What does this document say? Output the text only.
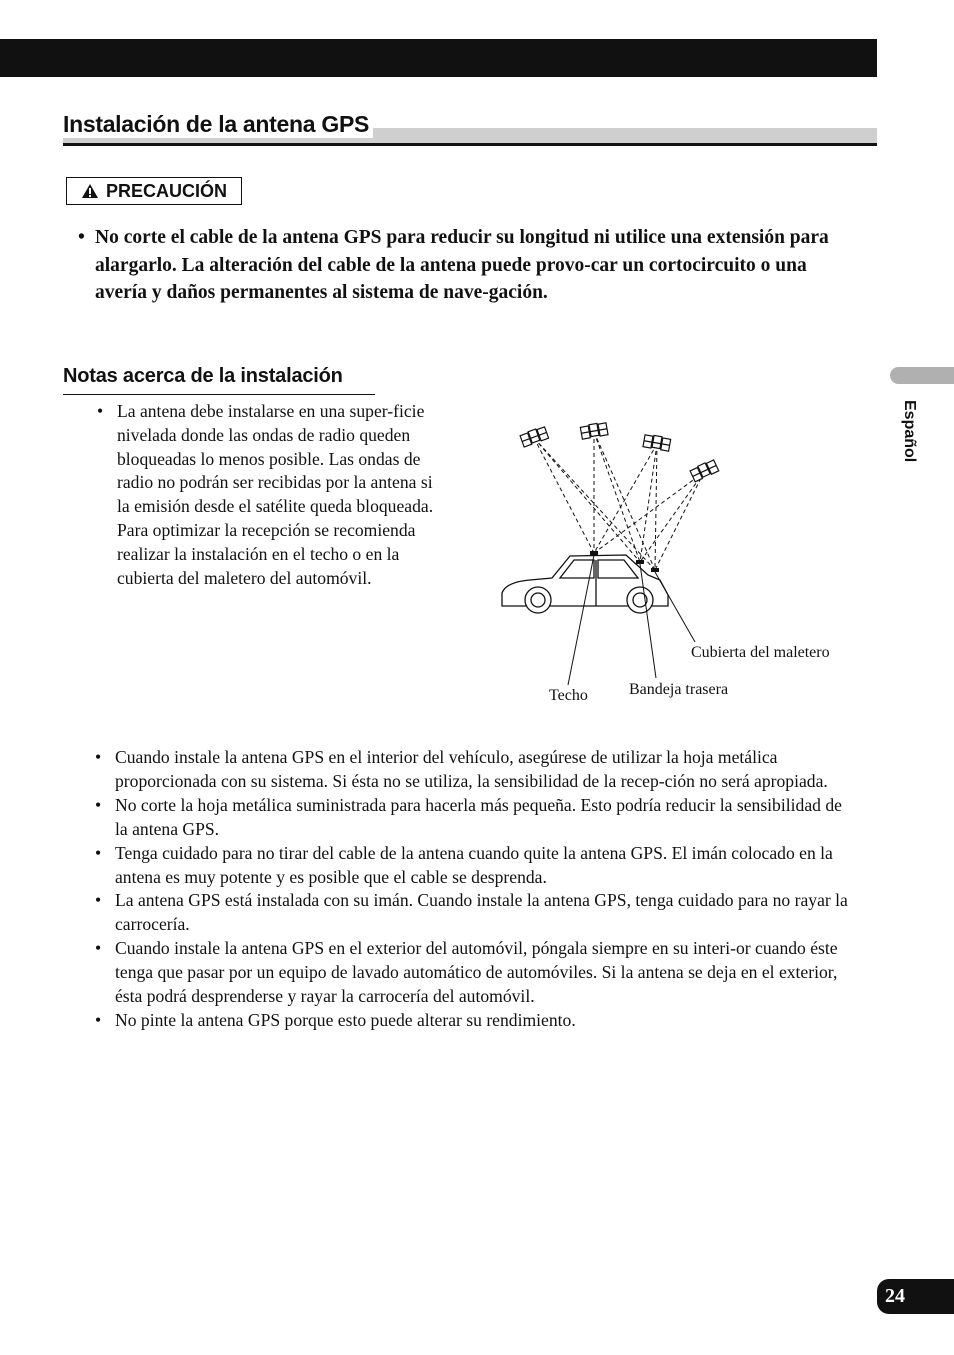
Instalación de la antena GPS
PRECAUCIÓN
• No corte el cable de la antena GPS para reducir su longitud ni utilice una extensión para alargarlo. La alteración del cable de la antena puede provo-car un cortocircuito o una avería y daños permanentes al sistema de nave-gación.
Notas acerca de la instalación
• La antena debe instalarse en una super-ficie nivelada donde las ondas de radio queden bloqueadas lo menos posible. Las ondas de radio no podrán ser recibidas por la antena si la emisión desde el satélite queda bloqueada.
Para optimizar la recepción se recomienda realizar la instalación en el techo o en la cubierta del maletero del automóvil.
Cubierta del maletero
Techo	Bandeja trasera
• Cuando instale la antena GPS en el interior del vehículo, asegúrese de utilizar la hoja metálica proporcionada con su sistema. Si ésta no se utiliza, la sensibilidad de la recep-ción no será apropiada.
• No corte la hoja metálica suministrada para hacerla más pequeña. Esto podría reducir la sensibilidad de la antena GPS.
• Tenga cuidado para no tirar del cable de la antena cuando quite la antena GPS. El imán colocado en la antena es muy potente y es posible que el cable se desprenda.
• La antena GPS está instalada con su imán. Cuando instale la antena GPS, tenga cuidado para no rayar la carrocería.
• Cuando instale la antena GPS en el exterior del automóvil, póngala siempre en su interi-or cuando éste tenga que pasar por un equipo de lavado automático de automóviles. Si la antena se deja en el exterior, ésta podrá desprenderse y rayar la carrocería del automóvil.
• No pinte la antena GPS porque esto puede alterar su rendimiento.
Español
24
